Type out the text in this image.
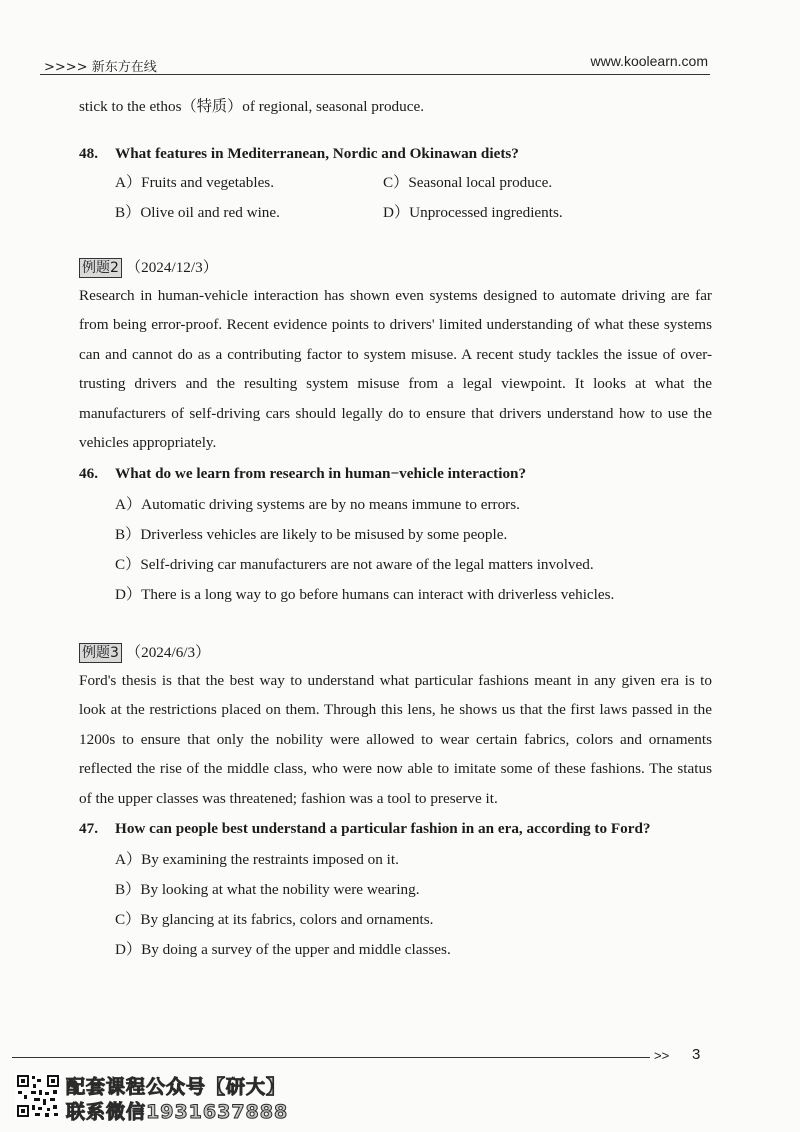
>>>> 新东方在线	www.koolearn.com

stick to the ethos（特质）of regional, seasonal produce.

48. What features in Mediterranean, Nordic and Okinawan diets?
A）Fruits and vegetables.	C）Seasonal local produce.
B）Olive oil and red wine.	D）Unprocessed ingredients.
例题2 （2024/12/3）

Research in human-vehicle interaction has shown even systems designed to automate driving are far from being error-proof. Recent evidence points to drivers' limited understanding of what these systems can and cannot do as a contributing factor to system misuse. A recent study tackles the issue of over-trusting drivers and the resulting system misuse from a legal viewpoint. It looks at what the manufacturers of self-driving cars should legally do to ensure that drivers understand how to use the vehicles appropriately.

46. What do we learn from research in human−vehicle interaction?
A）Automatic driving systems are by no means immune to errors.
B）Driverless vehicles are likely to be misused by some people.
C）Self-driving car manufacturers are not aware of the legal matters involved.
D）There is a long way to go before humans can interact with driverless vehicles.
例题3 （2024/6/3）

Ford's thesis is that the best way to understand what particular fashions meant in any given era is to look at the restrictions placed on them. Through this lens, he shows us that the first laws passed in the 1200s to ensure that only the nobility were allowed to wear certain fabrics, colors and ornaments reflected the rise of the middle class, who were now able to imitate some of these fashions. The status of the upper classes was threatened; fashion was a tool to preserve it.

47. How can people best understand a particular fashion in an era, according to Ford?
A）By examining the restraints imposed on it.
B）By looking at what the nobility were wearing.
C）By glancing at its fabrics, colors and ornaments.
D）By doing a survey of the upper and middle classes.
>> 3
配套课程公众号【研大】
联系微信1931637888
